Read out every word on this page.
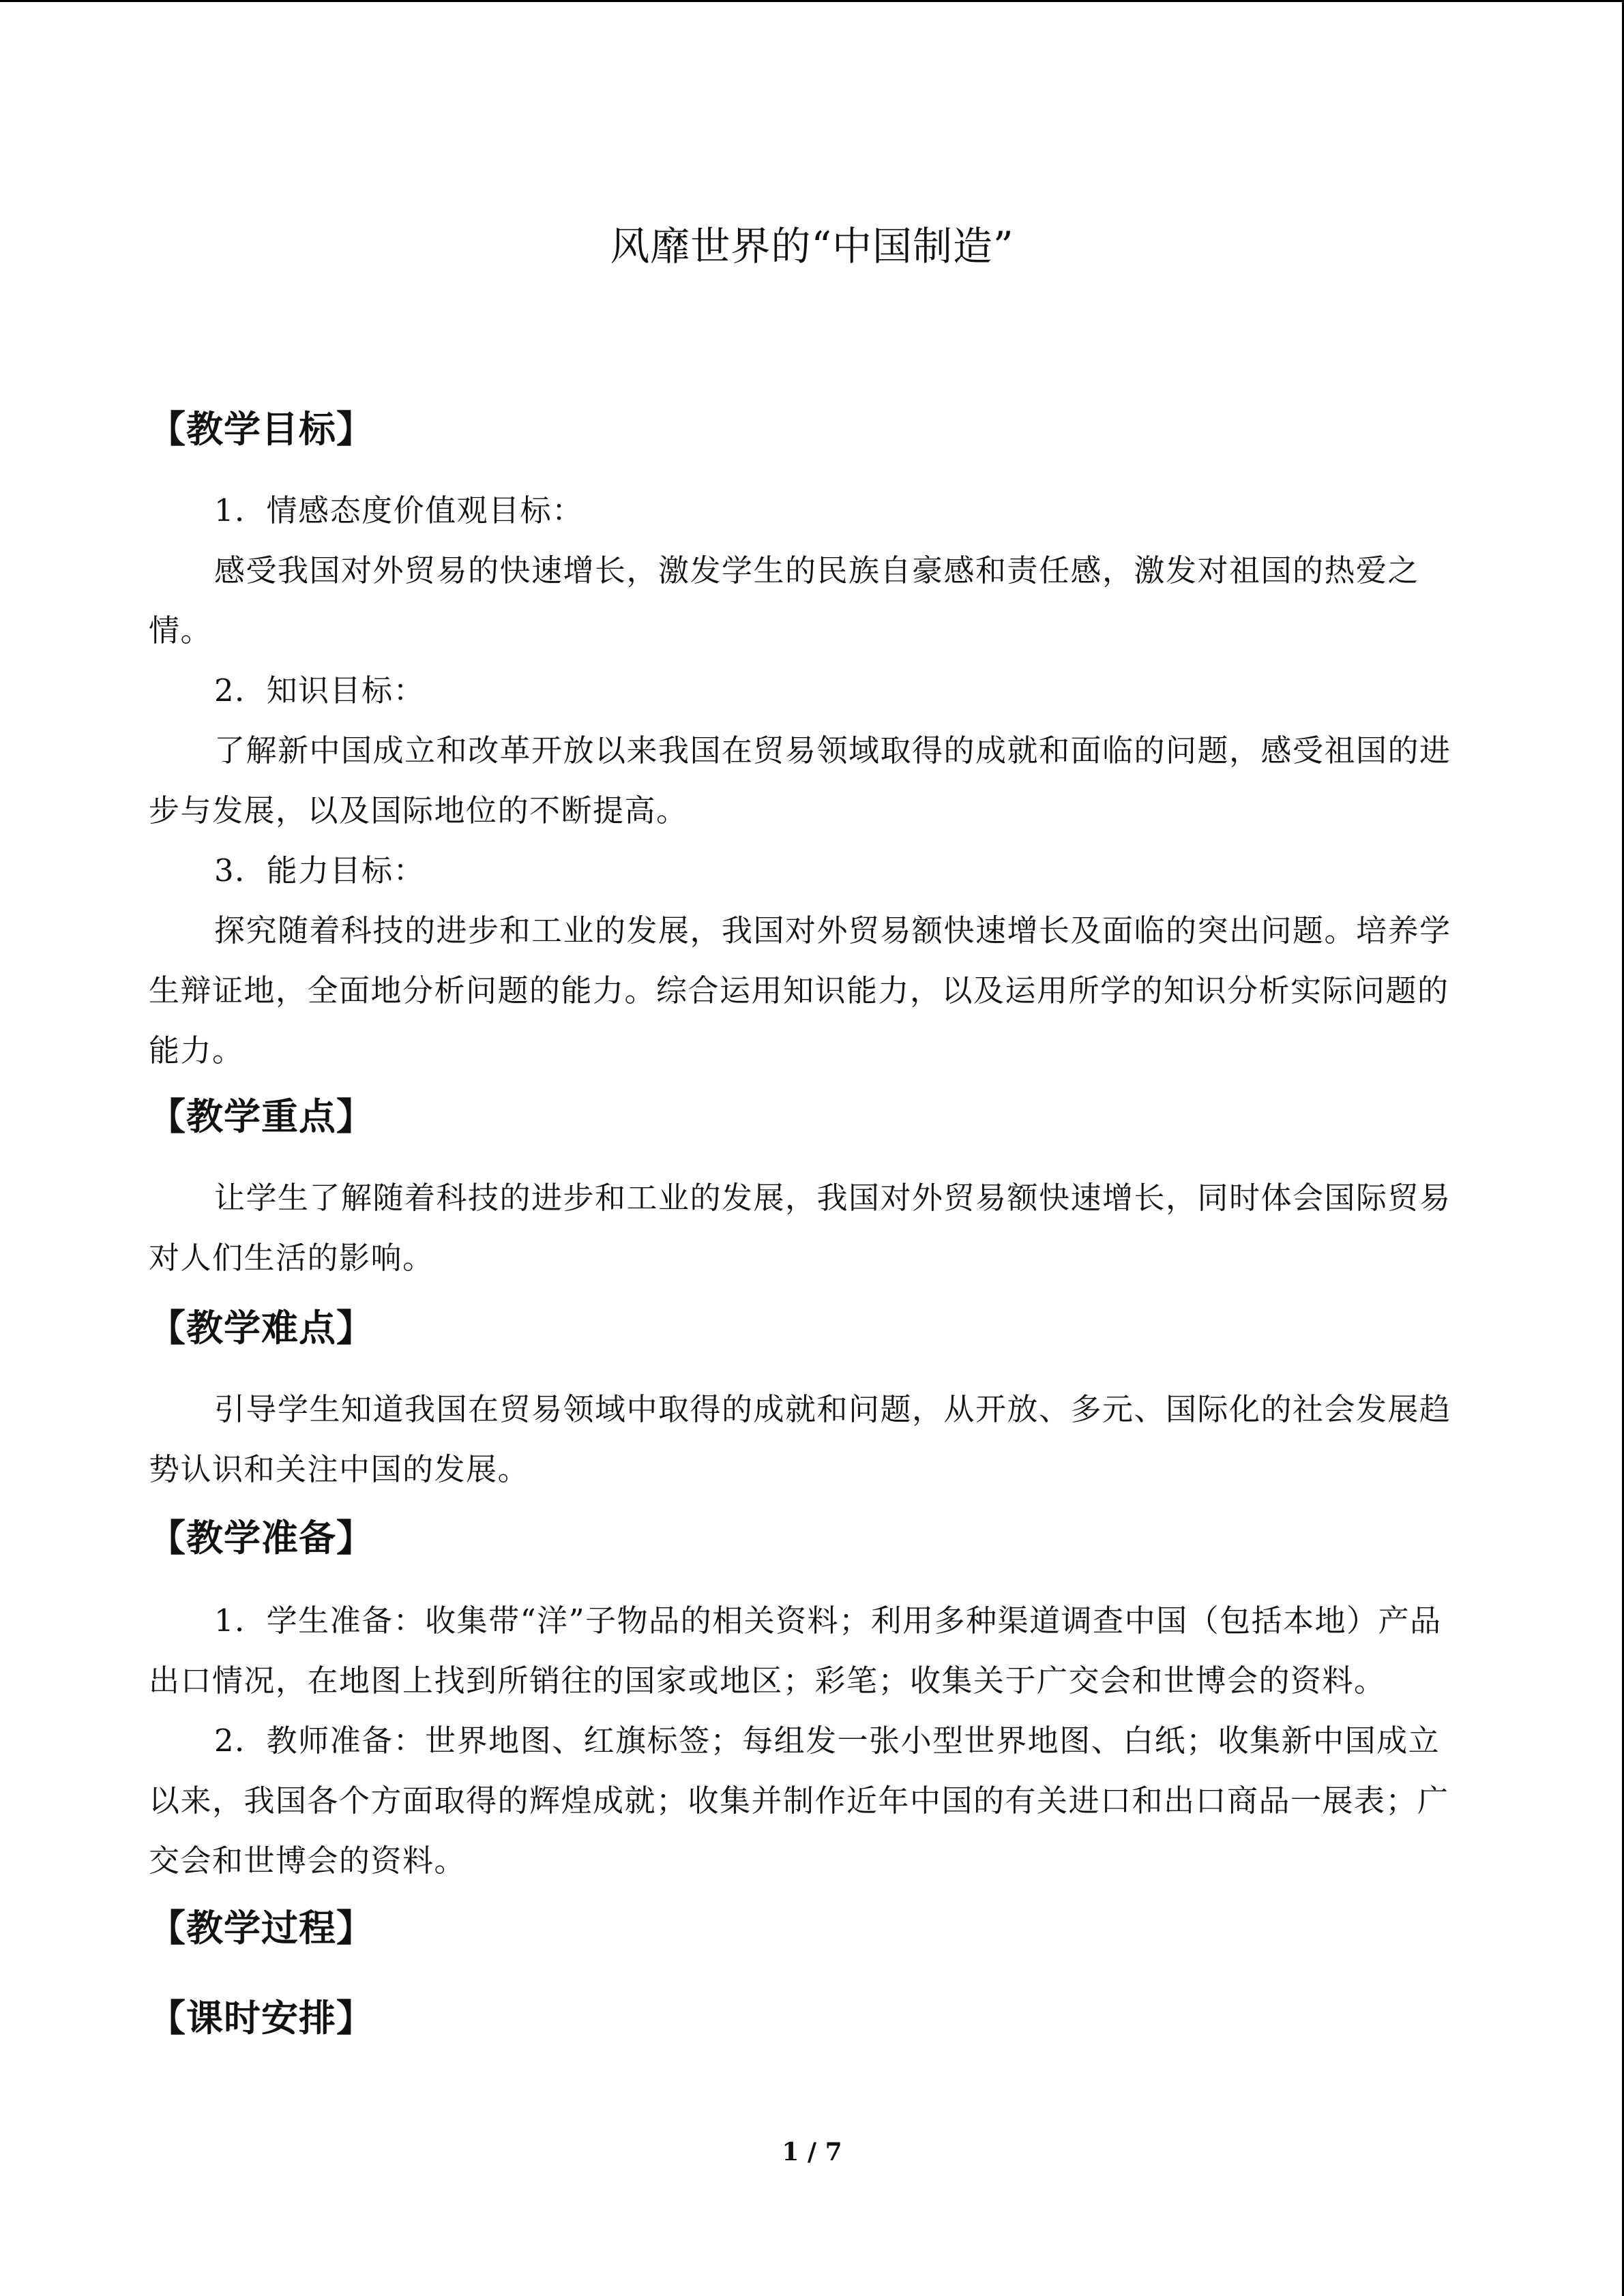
风靡世界的“中国制造”
【教学目标】

1．情感态度价值观目标：

感受我国对外贸易的快速增长，激发学生的民族自豪感和责任感，激发对祖国的热爱之情。

2．知识目标：

了解新中国成立和改革开放以来我国在贸易领域取得的成就和面临的问题，感受祖国的进步与发展，以及国际地位的不断提高。

3．能力目标：

探究随着科技的进步和工业的发展，我国对外贸易额快速增长及面临的突出问题。培养学生辩证地，全面地分析问题的能力。综合运用知识能力，以及运用所学的知识分析实际问题的能力。

【教学重点】

让学生了解随着科技的进步和工业的发展，我国对外贸易额快速增长，同时体会国际贸易对人们生活的影响。

【教学难点】

引导学生知道我国在贸易领域中取得的成就和问题，从开放、多元、国际化的社会发展趋势认识和关注中国的发展。

【教学准备】

1．学生准备：收集带“洋”子物品的相关资料；利用多种渠道调查中国（包括本地）产品出口情况，在地图上找到所销往的国家或地区；彩笔；收集关于广交会和世博会的资料。

2．教师准备：世界地图、红旗标签；每组发一张小型世界地图、白纸；收集新中国成立以来，我国各个方面取得的辉煌成就；收集并制作近年中国的有关进口和出口商品一展表；广交会和世博会的资料。

【教学过程】
【课时安排】
1 / 7
